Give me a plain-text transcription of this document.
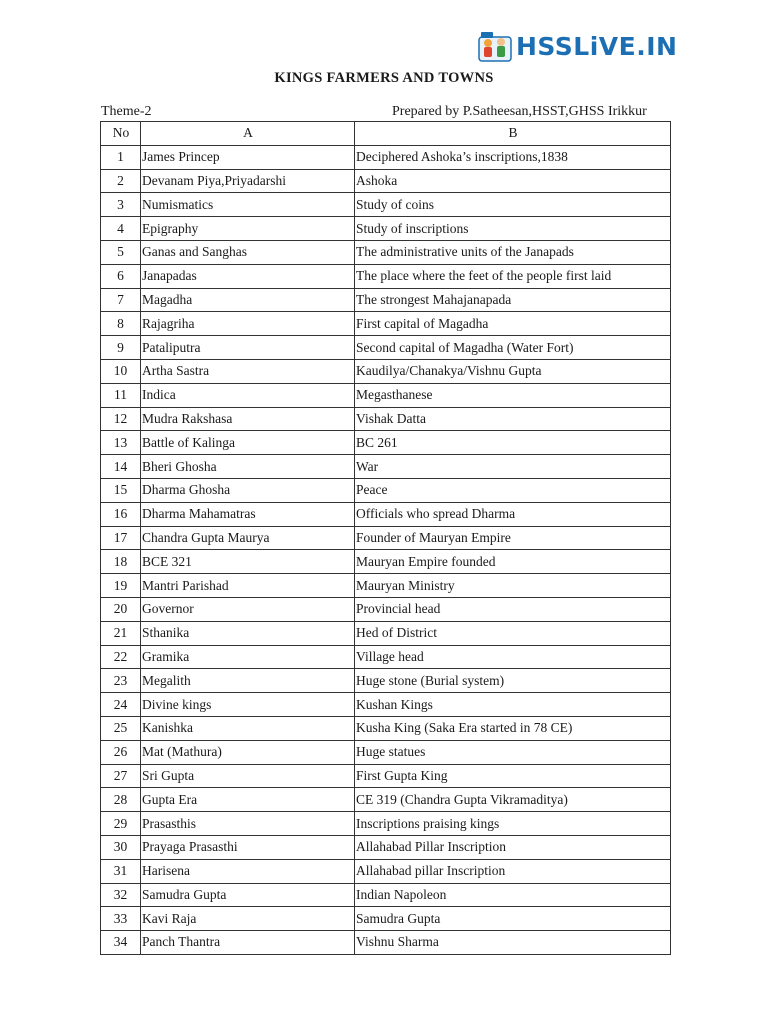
HSSLiVE.IN
KINGS FARMERS AND TOWNS
Theme-2	Prepared by P.Satheesan,HSST,GHSS Irikkur
No	A	B
1	James Princep	Deciphered Ashoka’s inscriptions,1838
2	Devanam Piya,Priyadarshi	Ashoka
3	Numismatics	Study of coins
4	Epigraphy	Study of inscriptions
5	Ganas and Sanghas	The administrative units of the Janapads
6	Janapadas	The place where the feet of the people first laid
7	Magadha	The strongest Mahajanapada
8	Rajagriha	First capital of Magadha
9	Pataliputra	Second capital of Magadha (Water Fort)
10	Artha Sastra	Kaudilya/Chanakya/Vishnu Gupta
11	Indica	Megasthanese
12	Mudra Rakshasa	Vishak Datta
13	Battle of Kalinga	BC 261
14	Bheri Ghosha	War
15	Dharma Ghosha	Peace
16	Dharma Mahamatras	Officials who spread Dharma
17	Chandra Gupta Maurya	Founder of Mauryan Empire
18	BCE 321	Mauryan Empire founded
19	Mantri Parishad	Mauryan Ministry
20	Governor	Provincial head
21	Sthanika	Hed of District
22	Gramika	Village head
23	Megalith	Huge stone (Burial system)
24	Divine kings	Kushan Kings
25	Kanishka	Kusha King (Saka Era started in 78 CE)
26	Mat (Mathura)	Huge statues
27	Sri Gupta	First Gupta King
28	Gupta Era	CE 319 (Chandra Gupta Vikramaditya)
29	Prasasthis	Inscriptions praising kings
30	Prayaga Prasasthi	Allahabad Pillar Inscription
31	Harisena	Allahabad pillar Inscription
32	Samudra Gupta	Indian Napoleon
33	Kavi Raja	Samudra Gupta
34	Panch Thantra	Vishnu Sharma
